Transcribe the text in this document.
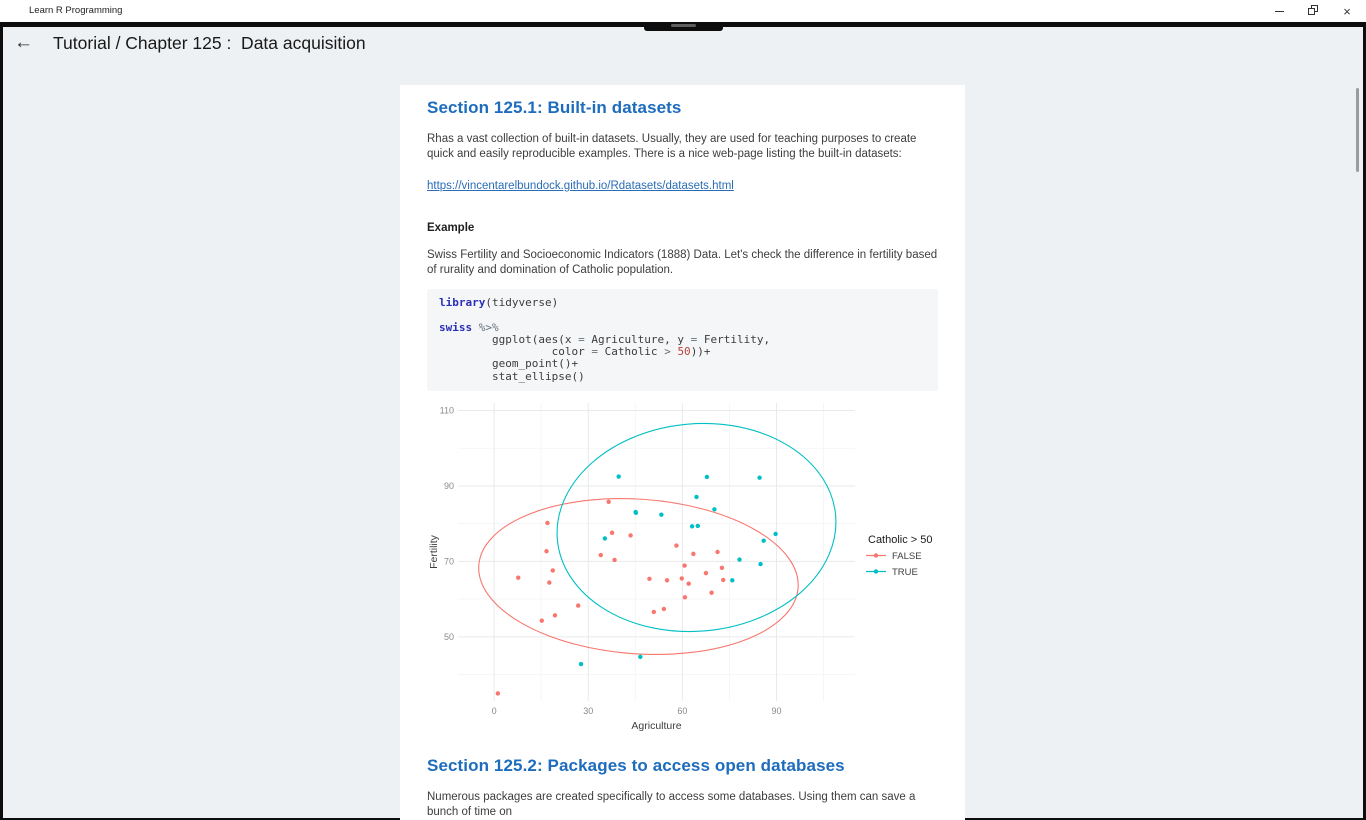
Learn R Programming	×
← Tutorial / Chapter 125 :  Data acquisition
Section 125.1: Built-in datasets

Rhas a vast collection of built-in datasets. Usually, they are used for teaching purposes to create quick and easily reproducible examples. There is a nice web-page listing the built-in datasets:

https://vincentarelbundock.github.io/Rdatasets/datasets.html

Example

Swiss Fertility and Socioeconomic Indicators (1888) Data. Let's check the difference in fertility based of rurality and domination of Catholic population.

library(tidyverse)

swiss %>%
ggplot(aes(x = Agriculture, y = Fertility,
color = Catholic > 50))+
geom_point()+
stat_ellipse()
50
70
90
110
0	30	60	90
Agriculture
Fertility	Catholic > 50
FALSE
TRUE
Section 125.2: Packages to access open databases

Numerous packages are created specifically to access some databases. Using them can save a bunch of time on
